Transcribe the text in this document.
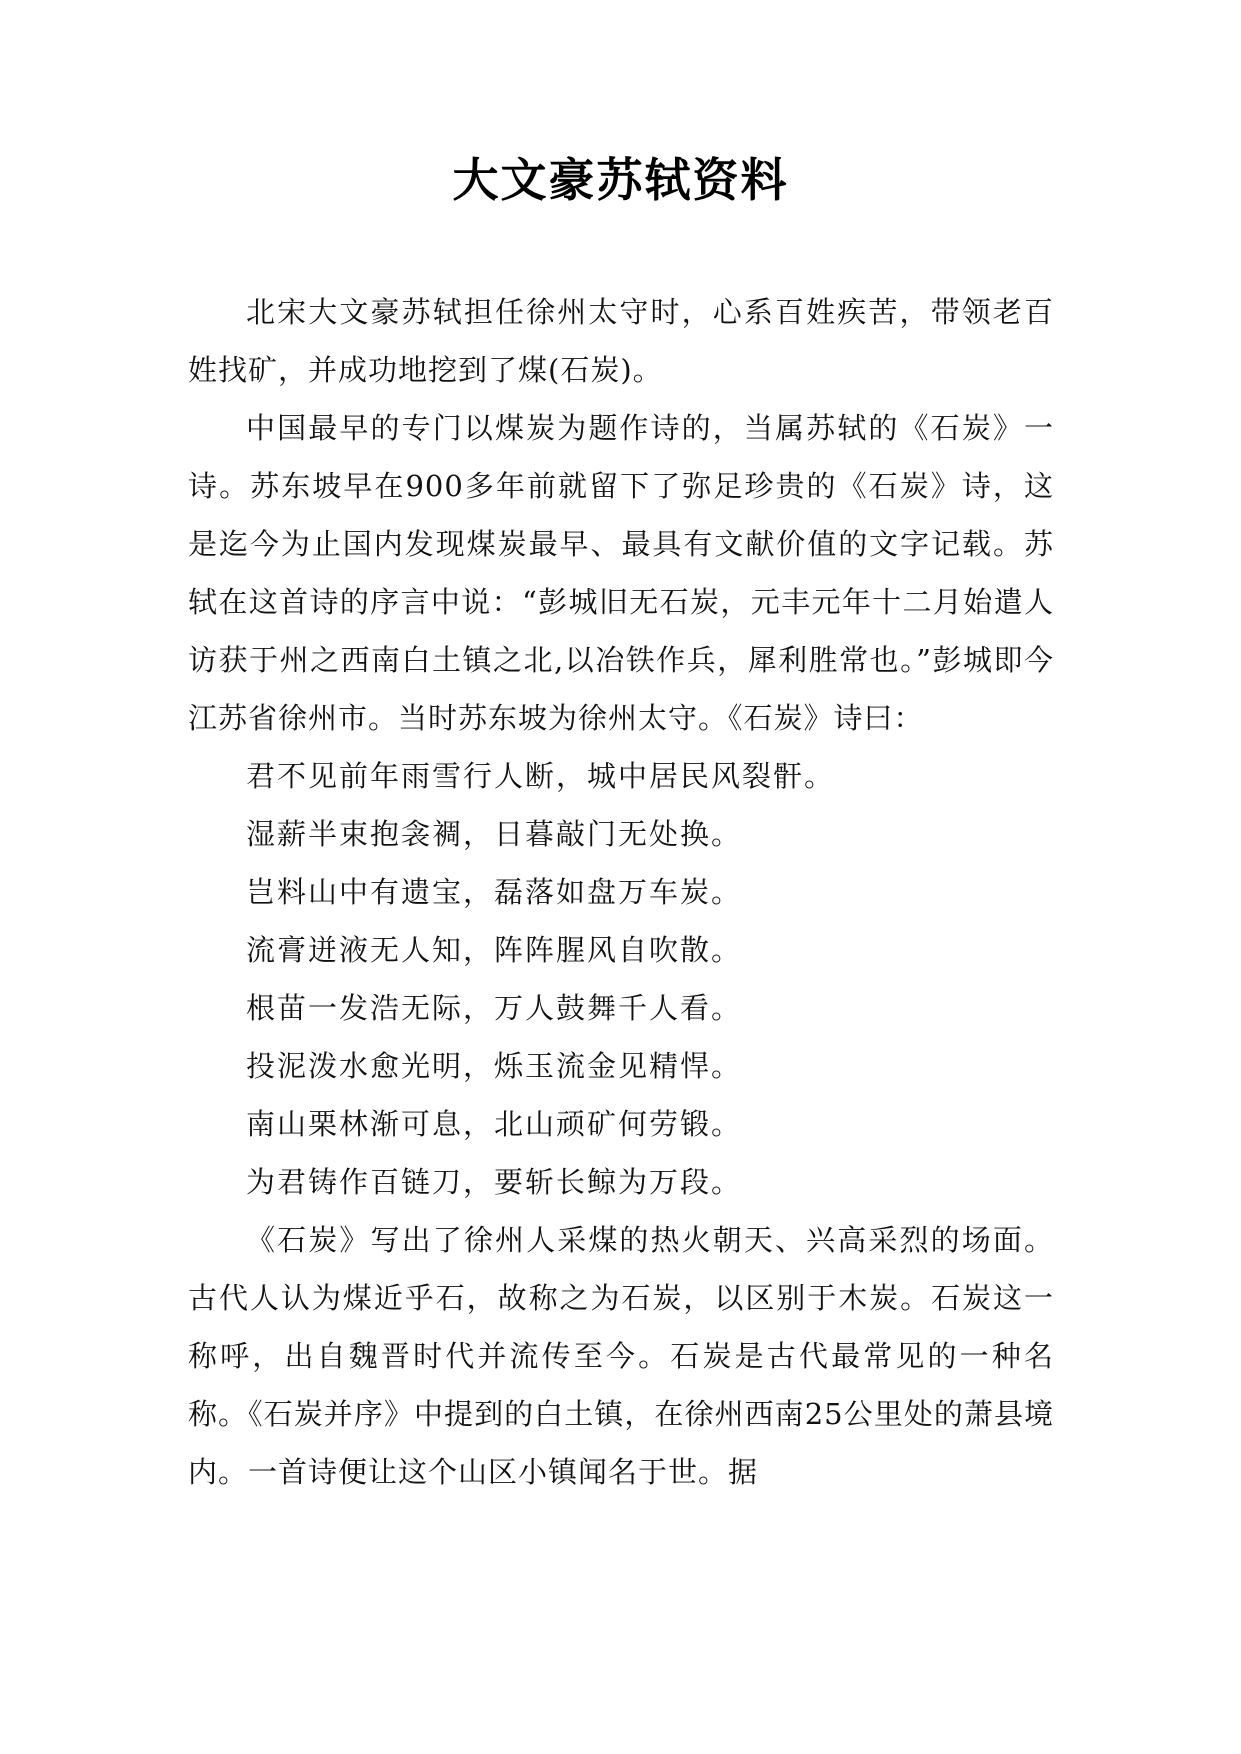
大文豪苏轼资料

北宋大文豪苏轼担任徐州太守时，心系百姓疾苦，带领老百姓找矿，并成功地挖到了煤(石炭)。

中国最早的专门以煤炭为题作诗的，当属苏轼的《石炭》一诗。苏东坡早在900多年前就留下了弥足珍贵的《石炭》诗，这是迄今为止国内发现煤炭最早、最具有文献价值的文字记载。苏轼在这首诗的序言中说：“彭城旧无石炭，元丰元年十二月始遣人访获于州之西南白土镇之北,以冶铁作兵，犀利胜常也。”彭城即今江苏省徐州市。当时苏东坡为徐州太守。《石炭》诗曰：

君不见前年雨雪行人断，城中居民风裂骭。

湿薪半束抱衾裯，日暮敲门无处换。

岂料山中有遗宝，磊落如盘万车炭。

流膏迸液无人知，阵阵腥风自吹散。

根苗一发浩无际，万人鼓舞千人看。

投泥泼水愈光明，烁玉流金见精悍。

南山栗林渐可息，北山顽矿何劳锻。

为君铸作百链刀，要斩长鲸为万段。

《石炭》写出了徐州人采煤的热火朝天、兴高采烈的场面。古代人认为煤近乎石，故称之为石炭，以区别于木炭。石炭这一称呼，出自魏晋时代并流传至今。石炭是古代最常见的一种名称。《石炭并序》中提到的白土镇，在徐州西南25公里处的萧县境内。一首诗便让这个山区小镇闻名于世。据
